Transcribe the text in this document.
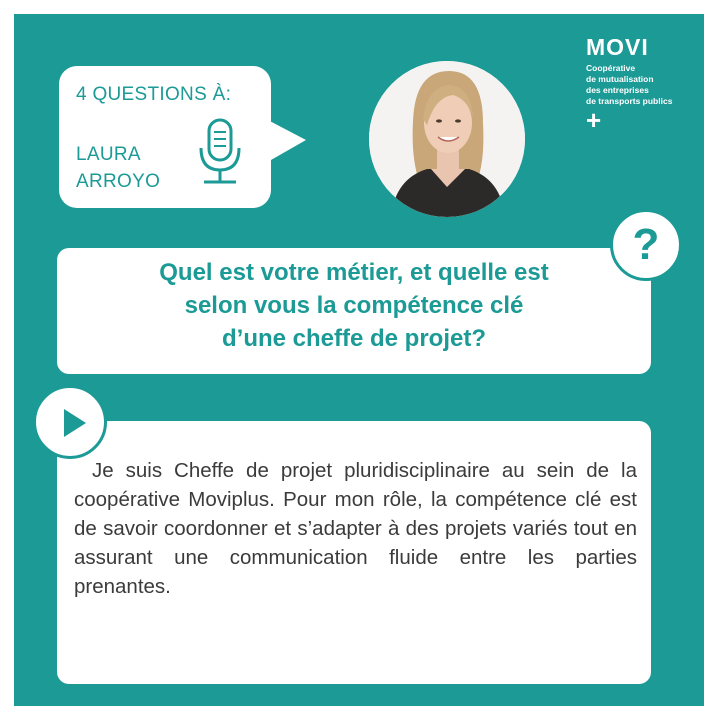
4 QUESTIONS À:
LAURA
ARROYO
MOVI
Coopérative
de mutualisation
des entreprises
de transports publics
+
Quel est votre métier, et quelle est
selon vous la compétence clé
d’une cheffe de projet?
?
Je suis Cheffe de projet pluridisciplinaire au sein de la coopérative Moviplus. Pour mon rôle, la compétence clé est de savoir coordonner et s’adapter à des projets variés tout en assurant une communication fluide entre les parties prenantes.
